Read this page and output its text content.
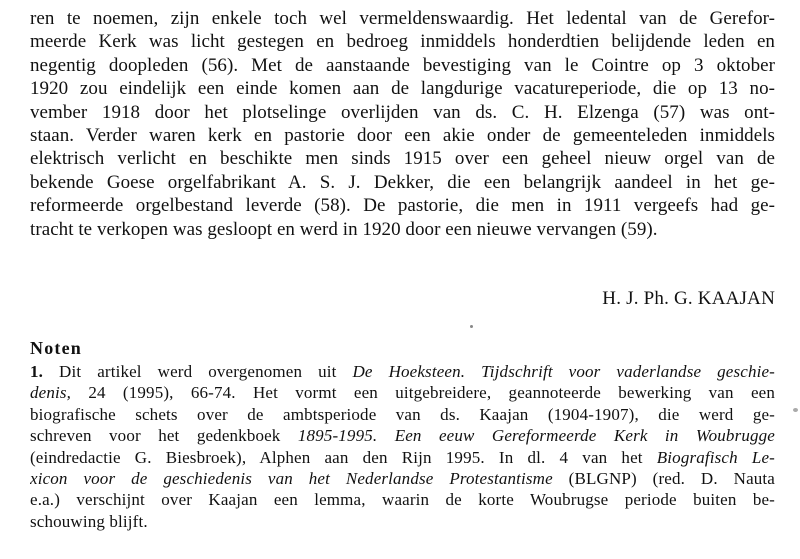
ren te noemen, zijn enkele toch wel vermeldenswaardig. Het ledental van de Gerefor-
meerde Kerk was licht gestegen en bedroeg inmiddels honderdtien belijdende leden en
negentig doopleden (56). Met de aanstaande bevestiging van le Cointre op 3 oktober
1920 zou eindelijk een einde komen aan de langdurige vacatureperiode, die op 13 no-
vember 1918 door het plotselinge overlijden van ds. C. H. Elzenga (57) was ont-
staan. Verder waren kerk en pastorie door een akie onder de gemeenteleden inmiddels
elektrisch verlicht en beschikte men sinds 1915 over een geheel nieuw orgel van de
bekende Goese orgelfabrikant A. S. J. Dekker, die een belangrijk aandeel in het ge-
reformeerde orgelbestand leverde (58). De pastorie, die men in 1911 vergeefs had ge-
tracht te verkopen was gesloopt en werd in 1920 door een nieuwe vervangen (59).
H. J. Ph. G. KAAJAN
Noten
1. Dit artikel werd overgenomen uit De Hoeksteen. Tijdschrift voor vaderlandse geschie-
denis, 24 (1995), 66-74. Het vormt een uitgebreidere, geannoteerde bewerking van een
biografische schets over de ambtsperiode van ds. Kaajan (1904-1907), die werd ge-
schreven voor het gedenkboek 1895-1995. Een eeuw Gereformeerde Kerk in Woubrugge
(eindredactie G. Biesbroek), Alphen aan den Rijn 1995. In dl. 4 van het Biografisch Le-
xicon voor de geschiedenis van het Nederlandse Protestantisme (BLGNP) (red. D. Nauta
e.a.) verschijnt over Kaajan een lemma, waarin de korte Woubrugse periode buiten be-
schouwing blijft.
